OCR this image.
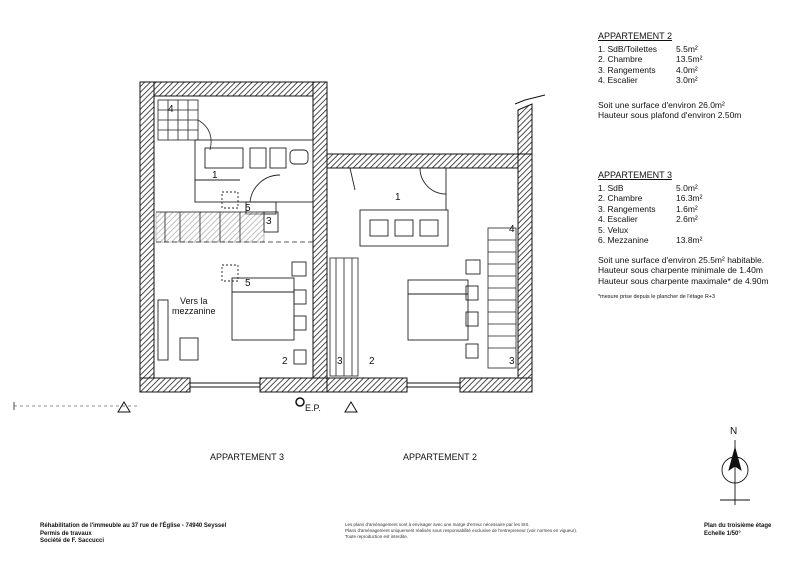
APPARTEMENT 2
1. SdB/Toilettes	5.5m²
2. Chambre	13.5m²
3. Rangements	4.0m²
4. Escalier	3.0m²
Soit une surface d'environ 26.0m²
Hauteur sous plafond d'environ 2.50m
APPARTEMENT 3
1. SdB	5.0m²
2. Chambre	16.3m²
3. Rangements	1.6m²
4. Escalier	2.6m²
5. Velux
6. Mezzanine	13.8m²
Soit une surface d'environ 25.5m² habitable.
Hauteur sous charpente minimale de 1.40m
Hauteur sous charpente maximale* de 4.90m
*mesure prise depuis le plancher de l'étage R+3
4
1
5
3
5
2
1
4
3	2	3
Vers la
mezzanine
E.P.
N
APPARTEMENT 3	APPARTEMENT 2
Réhabilitation de l'immeuble au 37 rue de l'Église - 74940 Seyssel
Permis de travaux
Société de F. Saccucci
Les plans d'aménagement sont à envisager avec une marge d'erreur nécessaire par les SIS.
Plans d'aménagement uniquement réalisés sous responsabilité exclusive de l'entrepreneur (voir normes en vigueur).
Toute reproduction est interdite.
Plan du troisième étage
Echelle 1/50°
